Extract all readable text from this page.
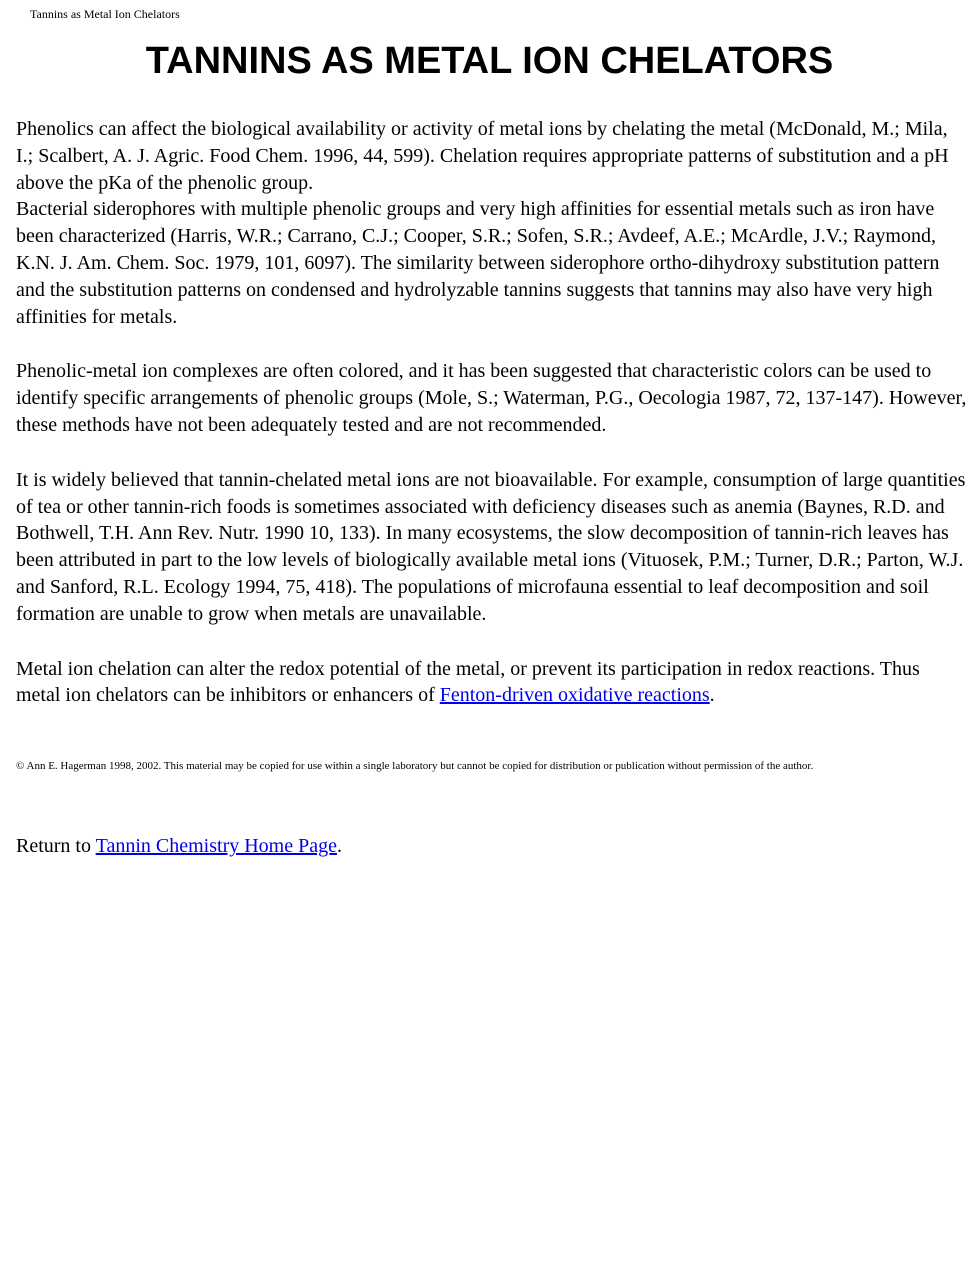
Tannins as Metal Ion Chelators
TANNINS AS METAL ION CHELATORS

Phenolics can affect the biological availability or activity of metal ions by chelating the metal (McDonald, M.; Mila, I.; Scalbert, A. J. Agric. Food Chem. 1996, 44, 599). Chelation requires appropriate patterns of substitution and a pH above the pKa of the phenolic group.

Bacterial siderophores with multiple phenolic groups and very high affinities for essential metals such as iron have been characterized (Harris, W.R.; Carrano, C.J.; Cooper, S.R.; Sofen, S.R.; Avdeef, A.E.; McArdle, J.V.; Raymond, K.N. J. Am. Chem. Soc. 1979, 101, 6097). The similarity between siderophore ortho-dihydroxy substitution pattern and the substitution patterns on condensed and hydrolyzable tannins suggests that tannins may also have very high affinities for metals.

Phenolic-metal ion complexes are often colored, and it has been suggested that characteristic colors can be used to identify specific arrangements of phenolic groups (Mole, S.; Waterman, P.G., Oecologia 1987, 72, 137-147). However, these methods have not been adequately tested and are not recommended.

It is widely believed that tannin-chelated metal ions are not bioavailable. For example, consumption of large quantities of tea or other tannin-rich foods is sometimes associated with deficiency diseases such as anemia (Baynes, R.D. and Bothwell, T.H. Ann Rev. Nutr. 1990 10, 133). In many ecosystems, the slow decomposition of tannin-rich leaves has been attributed in part to the low levels of biologically available metal ions (Vituosek, P.M.; Turner, D.R.; Parton, W.J. and Sanford, R.L. Ecology 1994, 75, 418). The populations of microfauna essential to leaf decomposition and soil formation are unable to grow when metals are unavailable.

Metal ion chelation can alter the redox potential of the metal, or prevent its participation in redox reactions. Thus metal ion chelators can be inhibitors or enhancers of Fenton-driven oxidative reactions.

© Ann E. Hagerman 1998, 2002. This material may be copied for use within a single laboratory but cannot be copied for distribution or publication without permission of the author.

Return to Tannin Chemistry Home Page.
